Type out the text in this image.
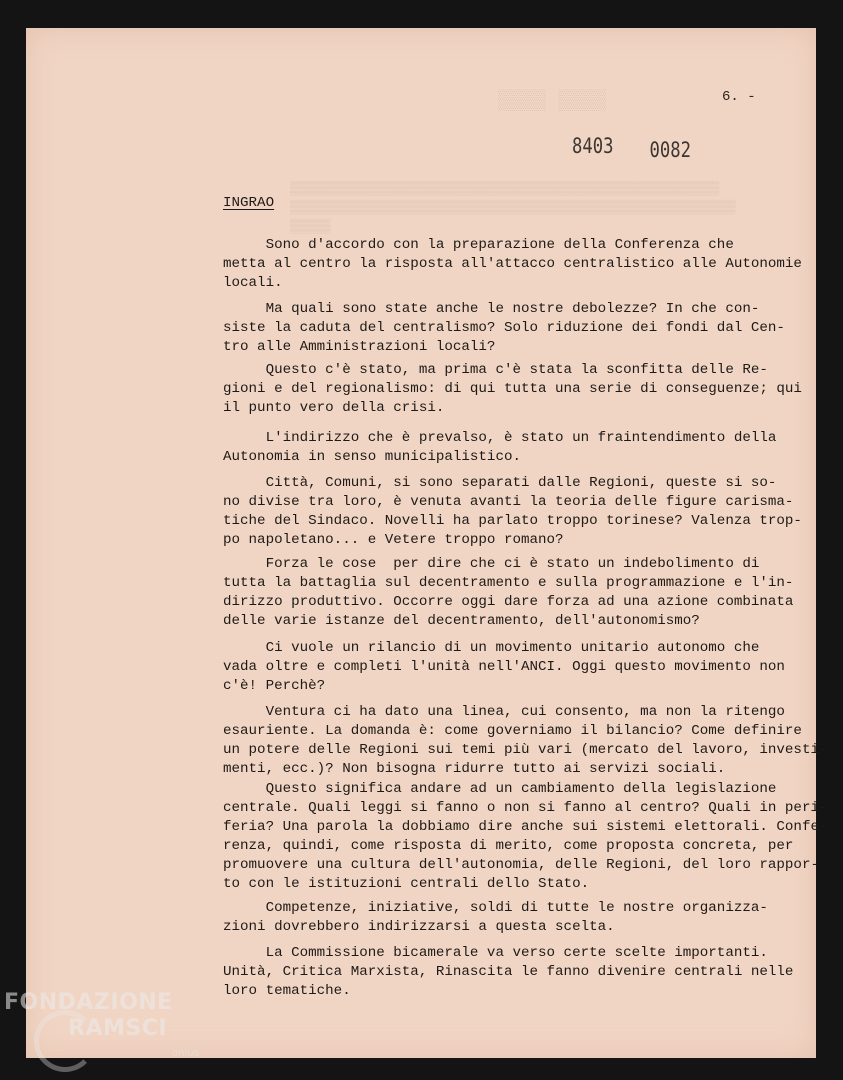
▒▒▒▒ ▒▒▒▒
▒▒▒▒▒▒▒▒▒▒▒▒▒▒▒▒▒▒▒▒▒▒▒▒▒▒▒▒▒▒▒▒▒▒▒▒▒▒▒▒▒▒▒▒▒▒▒▒▒▒▒▒▒
▒▒▒▒▒▒▒▒▒▒▒▒▒▒▒▒▒▒▒▒▒▒▒▒▒▒▒▒▒▒▒▒▒▒▒▒▒▒▒▒▒▒▒▒▒▒▒▒▒▒▒▒▒▒▒
▒▒▒▒▒
6. -
8403 0082
INGRAO
Sono d'accordo con la preparazione della Conferenza che
metta al centro la risposta all'attacco centralistico alle Autonomie
locali.
Ma quali sono state anche le nostre debolezze? In che con-
siste la caduta del centralismo? Solo riduzione dei fondi dal Cen-
tro alle Amministrazioni locali?
Questo c'è stato, ma prima c'è stata la sconfitta delle Re-
gioni e del regionalismo: di qui tutta una serie di conseguenze; qui
il punto vero della crisi.
L'indirizzo che è prevalso, è stato un fraintendimento della
Autonomia in senso municipalistico.
Città, Comuni, si sono separati dalle Regioni, queste si so-
no divise tra loro, è venuta avanti la teoria delle figure carisma-
tiche del Sindaco. Novelli ha parlato troppo torinese? Valenza trop-
po napoletano... e Vetere troppo romano?
Forza le cose  per dire che ci è stato un indebolimento di
tutta la battaglia sul decentramento e sulla programmazione e l'in-
dirizzo produttivo. Occorre oggi dare forza ad una azione combinata
delle varie istanze del decentramento, dell'autonomismo?
Ci vuole un rilancio di un movimento unitario autonomo che
vada oltre e completi l'unità nell'ANCI. Oggi questo movimento non
c'è! Perchè?
Ventura ci ha dato una linea, cui consento, ma non la ritengo
esauriente. La domanda è: come governiamo il bilancio? Come definire
un potere delle Regioni sui temi più vari (mercato del lavoro, investi-
menti, ecc.)? Non bisogna ridurre tutto ai servizi sociali.
Questo significa andare ad un cambiamento della legislazione
centrale. Quali leggi si fanno o non si fanno al centro? Quali in peri-
feria? Una parola la dobbiamo dire anche sui sistemi elettorali. Confe-
renza, quindi, come risposta di merito, come proposta concreta, per
promuovere una cultura dell'autonomia, delle Regioni, del loro rappor-
to con le istituzioni centrali dello Stato.
Competenze, iniziative, soldi di tutte le nostre organizza-
zioni dovrebbero indirizzarsi a questa scelta.
La Commissione bicamerale va verso certe scelte importanti.
Unità, Critica Marxista, Rinascita le fanno divenire centrali nelle
loro tematiche.
FONDAZIONE
RAMSCI
onlus
